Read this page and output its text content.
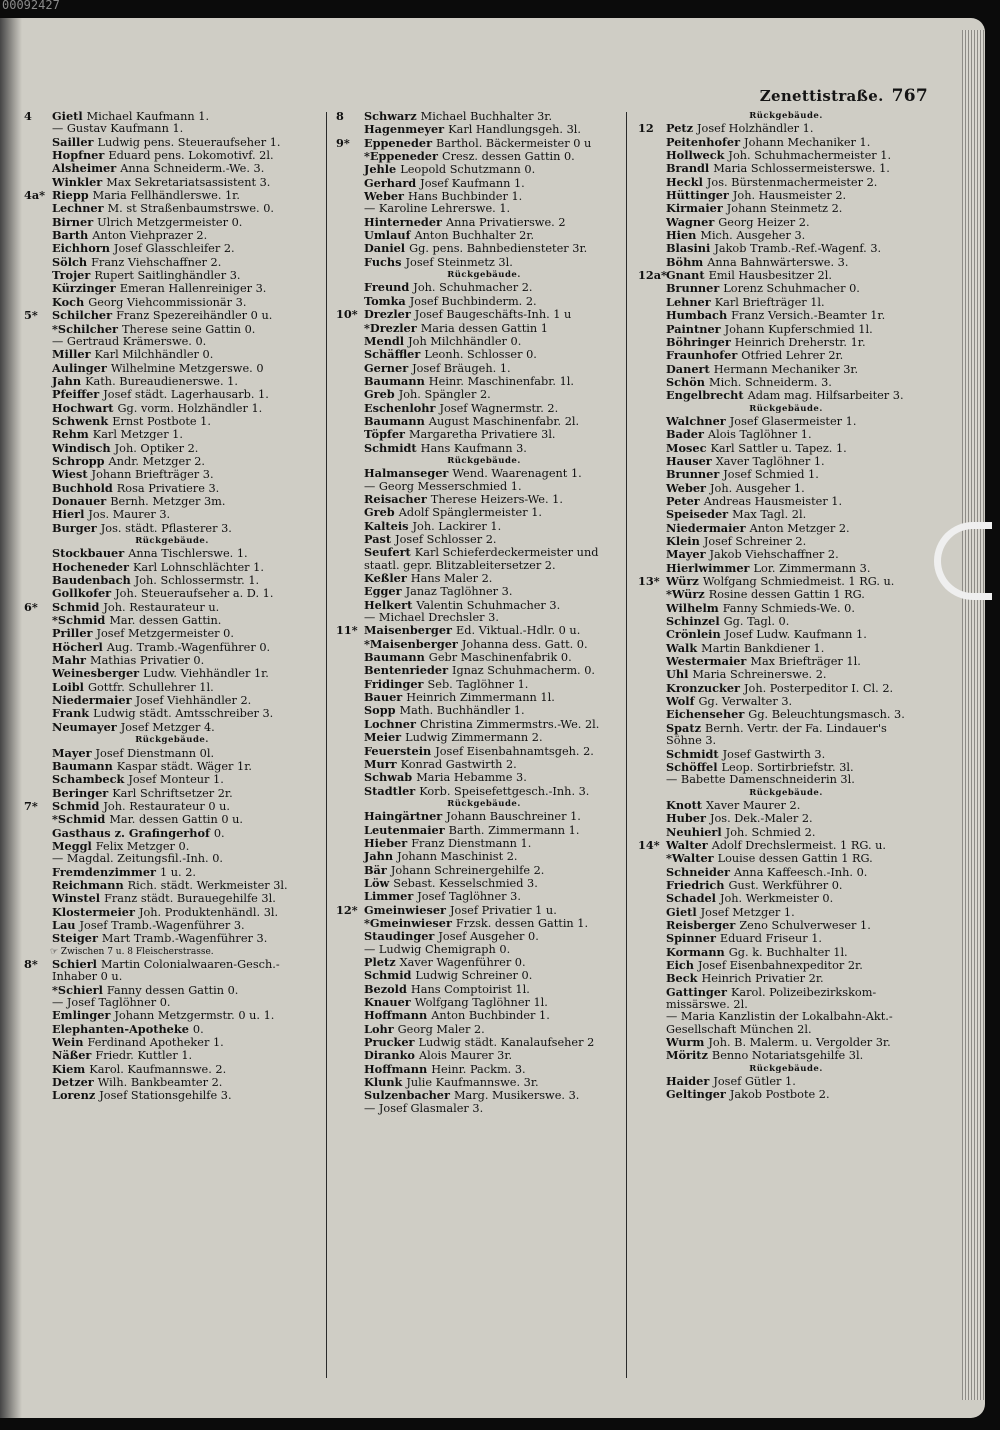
00092427
Zenettistraße. 767
4 Gietl Michael Kaufmann 1.
— Gustav Kaufmann 1.
Sailler Ludwig pens. Steueraufseher 1.
Hopfner Eduard pens. Lokomotivf. 2l.
Alsheimer Anna Schneiderm.-We. 3.
Winkler Max Sekretariatsassistent 3.
4a* Riepp Maria Fellhändlerswe. 1r.
Lechner M. st Straßenbaumstrswe. 0.
Birner Ulrich Metzgermeister 0.
Barth Anton Viehprazer 2.
Eichhorn Josef Glasschleifer 2.
Sölch Franz Viehschaffner 2.
Trojer Rupert Saitlinghändler 3.
Kürzinger Emeran Hallenreiniger 3.
Koch Georg Viehcommissionär 3.
5* Schilcher Franz Spezereihändler 0 u.
*Schilcher Therese seine Gattin 0.
— Gertraud Krämerswe. 0.
Miller Karl Milchhändler 0.
Aulinger Wilhelmine Metzgerswe. 0
Jahn Kath. Bureaudienerswe. 1.
Pfeiffer Josef städt. Lagerhausarb. 1.
Hochwart Gg. vorm. Holzhändler 1.
Schwenk Ernst Postbote 1.
Rehm Karl Metzger 1.
Windisch Joh. Optiker 2.
Schropp Andr. Metzger 2.
Wiest Johann Briefträger 3.
Buchhold Rosa Privatiere 3.
Donauer Bernh. Metzger 3m.
Hierl Jos. Maurer 3.
Burger Jos. städt. Pflasterer 3.
Rückgebäude.
Stockbauer Anna Tischlerswe. 1.
Hocheneder Karl Lohnschlächter 1.
Baudenbach Joh. Schlossermstr. 1.
Gollkofer Joh. Steueraufseher a. D. 1.
6* Schmid Joh. Restaurateur u.
*Schmid Mar. dessen Gattin.
Priller Josef Metzgermeister 0.
Höcherl Aug. Tramb.-Wagenführer 0.
Mahr Mathias Privatier 0.
Weinesberger Ludw. Viehhändler 1r.
Loibl Gottfr. Schullehrer 1l.
Niedermaier Josef Viehhändler 2.
Frank Ludwig städt. Amtsschreiber 3.
Neumayer Josef Metzger 4.
Rückgebäude.
Mayer Josef Dienstmann 0l.
Baumann Kaspar städt. Wäger 1r.
Schambeck Josef Monteur 1.
Beringer Karl Schriftsetzer 2r.
7* Schmid Joh. Restaurateur 0 u.
*Schmid Mar. dessen Gattin 0 u.
Gasthaus z. Grafingerhof 0.
Meggl Felix Metzger 0.
— Magdal. Zeitungsfil.-Inh. 0.
Fremdenzimmer 1 u. 2.
Reichmann Rich. städt. Werkmeister 3l.
Winstel Franz städt. Burauegehilfe 3l.
Klostermeier Joh. Produktenhändl. 3l.
Lau Josef Tramb.-Wagenführer 3.
Steiger Mart Tramb.-Wagenführer 3.
☞ Zwischen 7 u. 8 Fleischerstrasse.
8* Schierl Martin Colonialwaaren-Gesch.-
Inhaber 0 u.
*Schierl Fanny dessen Gattin 0.
— Josef Taglöhner 0.
Emlinger Johann Metzgermstr. 0 u. 1.
Elephanten-Apotheke 0.
Wein Ferdinand Apotheker 1.
Näßer Friedr. Kuttler 1.
Kiem Karol. Kaufmannswe. 2.
Detzer Wilh. Bankbeamter 2.
Lorenz Josef Stationsgehilfe 3.
8 Schwarz Michael Buchhalter 3r.
Hagenmeyer Karl Handlungsgeh. 3l.
9* Eppeneder Barthol. Bäckermeister 0 u
*Eppeneder Cresz. dessen Gattin 0.
Jehle Leopold Schutzmann 0.
Gerhard Josef Kaufmann 1.
Weber Hans Buchbinder 1.
— Karoline Lehrerswe. 1.
Hinterneder Anna Privatierswe. 2
Umlauf Anton Buchhalter 2r.
Daniel Gg. pens. Bahnbediensteter 3r.
Fuchs Josef Steinmetz 3l.
Rückgebäude.
Freund Joh. Schuhmacher 2.
Tomka Josef Buchbinderm. 2.
10* Drezler Josef Baugeschäfts-Inh. 1 u
*Drezler Maria dessen Gattin 1
Mendl Joh Milchhändler 0.
Schäffler Leonh. Schlosser 0.
Gerner Josef Bräugeh. 1.
Baumann Heinr. Maschinenfabr. 1l.
Greb Joh. Spängler 2.
Eschenlohr Josef Wagnermstr. 2.
Baumann August Maschinenfabr. 2l.
Töpfer Margaretha Privatiere 3l.
Schmidt Hans Kaufmann 3.
Rückgebäude.
Halmanseger Wend. Waarenagent 1.
— Georg Messerschmied 1.
Reisacher Therese Heizers-We. 1.
Greb Adolf Spänglermeister 1.
Kalteis Joh. Lackirer 1.
Past Josef Schlosser 2.
Seufert Karl Schieferdeckermeister und
staatl. gepr. Blitzableitersetzer 2.
Keßler Hans Maler 2.
Egger Janaz Taglöhner 3.
Helkert Valentin Schuhmacher 3.
— Michael Drechsler 3.
11* Maisenberger Ed. Viktual.-Hdlr. 0 u.
*Maisenberger Johanna dess. Gatt. 0.
Baumann Gebr Maschinenfabrik 0.
Bentenrieder Ignaz Schuhmacherm. 0.
Fridinger Seb. Taglöhner 1.
Bauer Heinrich Zimmermann 1l.
Sopp Math. Buchhändler 1.
Lochner Christina Zimmermstrs.-We. 2l.
Meier Ludwig Zimmermann 2.
Feuerstein Josef Eisenbahnamtsgeh. 2.
Murr Konrad Gastwirth 2.
Schwab Maria Hebamme 3.
Stadtler Korb. Speisefettgesch.-Inh. 3.
Rückgebäude.
Haingärtner Johann Bauschreiner 1.
Leutenmaier Barth. Zimmermann 1.
Hieber Franz Dienstmann 1.
Jahn Johann Maschinist 2.
Bär Johann Schreinergehilfe 2.
Löw Sebast. Kesselschmied 3.
Limmer Josef Taglöhner 3.
12* Gmeinwieser Josef Privatier 1 u.
*Gmeinwieser Frzsk. dessen Gattin 1.
Staudinger Josef Ausgeher 0.
— Ludwig Chemigraph 0.
Pletz Xaver Wagenführer 0.
Schmid Ludwig Schreiner 0.
Bezold Hans Comptoirist 1l.
Knauer Wolfgang Taglöhner 1l.
Hoffmann Anton Buchbinder 1.
Lohr Georg Maler 2.
Prucker Ludwig städt. Kanalaufseher 2
Diranko Alois Maurer 3r.
Hoffmann Heinr. Packm. 3.
Klunk Julie Kaufmannswe. 3r.
Sulzenbacher Marg. Musikerswe. 3.
— Josef Glasmaler 3.
Rückgebäude.
12 Petz Josef Holzhändler 1.
Peitenhofer Johann Mechaniker 1.
Hollweck Joh. Schuhmachermeister 1.
Brandl Maria Schlossermeisterswe. 1.
Heckl Jos. Bürstenmachermeister 2.
Hüttinger Joh. Hausmeister 2.
Kirmaier Johann Steinmetz 2.
Wagner Georg Heizer 2.
Hien Mich. Ausgeher 3.
Blasini Jakob Tramb.-Ref.-Wagenf. 3.
Böhm Anna Bahnwärterswe. 3.
12a*Gnant Emil Hausbesitzer 2l.
Brunner Lorenz Schuhmacher 0.
Lehner Karl Briefträger 1l.
Humbach Franz Versich.-Beamter 1r.
Paintner Johann Kupferschmied 1l.
Böhringer Heinrich Dreherstr. 1r.
Fraunhofer Otfried Lehrer 2r.
Danert Hermann Mechaniker 3r.
Schön Mich. Schneiderm. 3.
Engelbrecht Adam mag. Hilfsarbeiter 3.
Rückgebäude.
Walchner Josef Glasermeister 1.
Bader Alois Taglöhner 1.
Mosec Karl Sattler u. Tapez. 1.
Hauser Xaver Taglöhner 1.
Brunner Josef Schmied 1.
Weber Joh. Ausgeher 1.
Peter Andreas Hausmeister 1.
Speiseder Max Tagl. 2l.
Niedermaier Anton Metzger 2.
Klein Josef Schreiner 2.
Mayer Jakob Viehschaffner 2.
Hierlwimmer Lor. Zimmermann 3.
13* Würz Wolfgang Schmiedmeist. 1 RG. u.
*Würz Rosine dessen Gattin 1 RG.
Wilhelm Fanny Schmieds-We. 0.
Schinzel Gg. Tagl. 0.
Crönlein Josef Ludw. Kaufmann 1.
Walk Martin Bankdiener 1.
Westermaier Max Briefträger 1l.
Uhl Maria Schreinerswe. 2.
Kronzucker Joh. Posterpeditor I. Cl. 2.
Wolf Gg. Verwalter 3.
Eichenseher Gg. Beleuchtungsmasch. 3.
Spatz Bernh. Vertr. der Fa. Lindauer's
Söhne 3.
Schmidt Josef Gastwirth 3.
Schöffel Leop. Sortirbriefstr. 3l.
— Babette Damenschneiderin 3l.
Rückgebäude.
Knott Xaver Maurer 2.
Huber Jos. Dek.-Maler 2.
Neuhierl Joh. Schmied 2.
14* Walter Adolf Drechslermeist. 1 RG. u.
*Walter Louise dessen Gattin 1 RG.
Schneider Anna Kaffeesch.-Inh. 0.
Friedrich Gust. Werkführer 0.
Schadel Joh. Werkmeister 0.
Gietl Josef Metzger 1.
Reisberger Zeno Schulverweser 1.
Spinner Eduard Friseur 1.
Kormann Gg. k. Buchhalter 1l.
Eich Josef Eisenbahnexpeditor 2r.
Beck Heinrich Privatier 2r.
Gattinger Karol. Polizeibezirkskom-
missärswe. 2l.
— Maria Kanzlistin der Lokalbahn-Akt.-
Gesellschaft München 2l.
Wurm Joh. B. Malerm. u. Vergolder 3r.
Möritz Benno Notariatsgehilfe 3l.
Rückgebäude.
Haider Josef Gütler 1.
Geltinger Jakob Postbote 2.
